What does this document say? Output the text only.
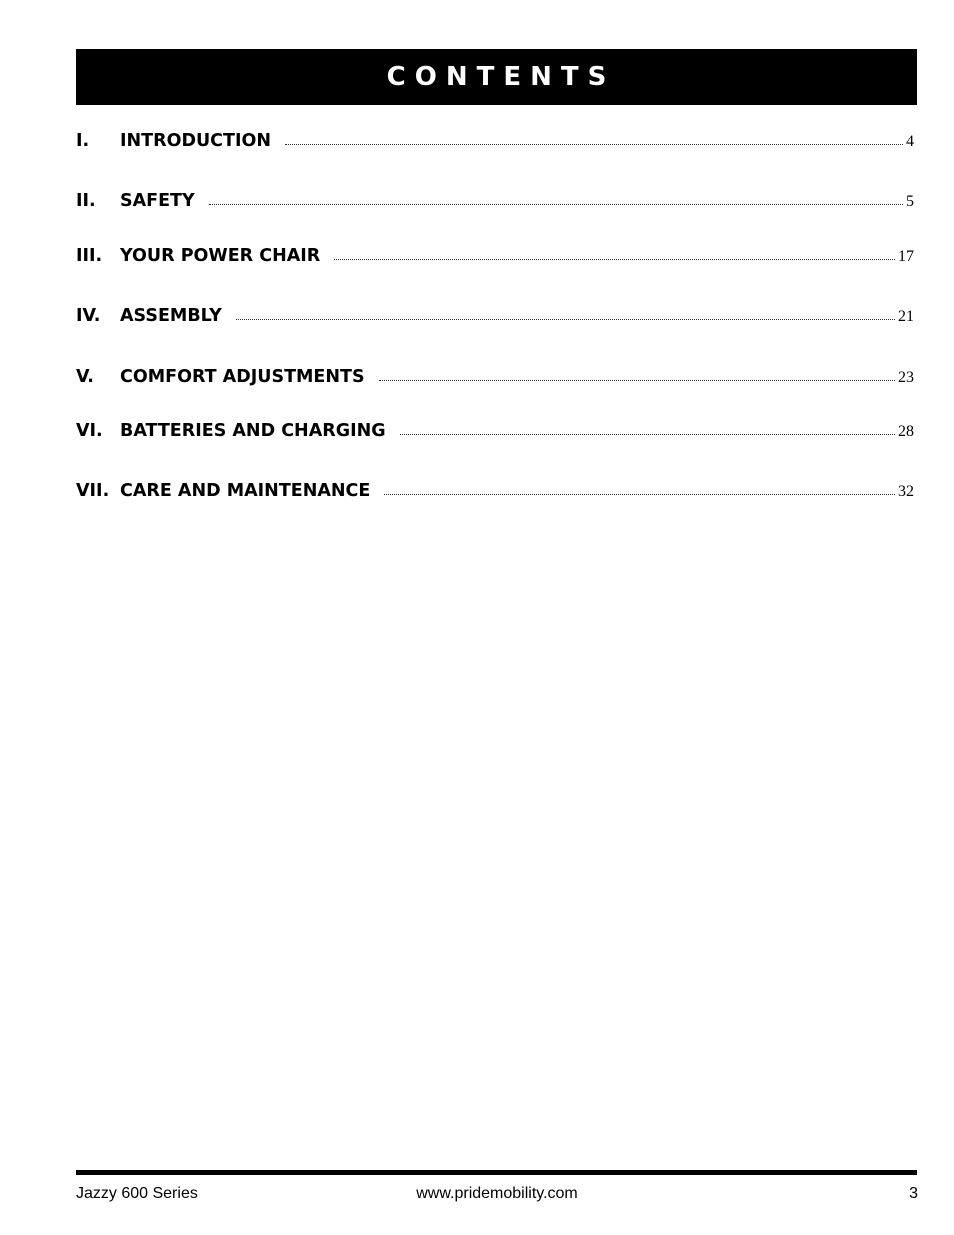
CONTENTS
I.	INTRODUCTION	4
II.	SAFETY	5
III.	YOUR POWER CHAIR	17
IV.	ASSEMBLY	21
V.	COMFORT ADJUSTMENTS	23
VI. BATTERIES AND CHARGING	28
VII. CARE AND MAINTENANCE	32
Jazzy 600 Series	www.pridemobility.com	3
